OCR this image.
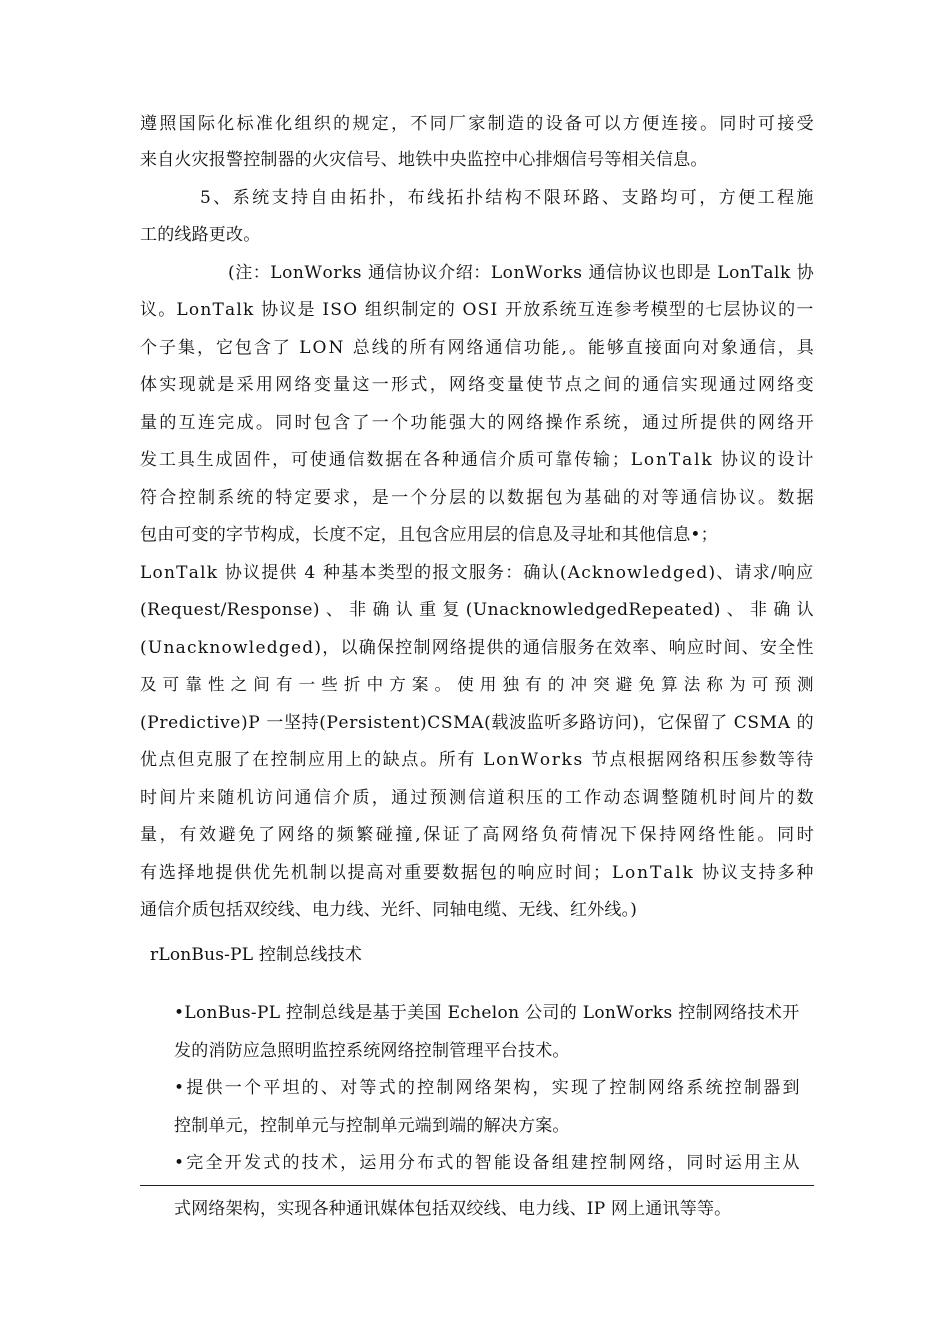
遵 照 国 际 化 标 准 化 组 织 的 规 定 ， 不 同 厂 家 制 造 的 设 备 可 以 方 便 连 接 。 同 时 可 接 受
来自火灾报警控制器的火灾信号、地铁中央监控中心排烟信号等相关信息。
5 、 系 统 支 持 自 由 拓 扑 ， 布 线 拓 扑 结 构 不 限 环 路 、 支 路 均 可 ， 方 便 工 程 施
工的线路更改。
( 注 ： L o n W o r k s
通 信 协 议 介 绍 ： L o n W o r k s
通 信 协 议 也 即 是
L o n T a l k
协
议 。 L o n T a l k
协 议 是
I S O
组 织 制 定 的
O S I
开 放 系 统 互 连 参 考 模 型 的 七 层 协 议 的 一
个 子 集 ， 它 包 含 了
L O N
总 线 的 所 有 网 络 通 信 功 能 , 。 能 够 直 接 面 向 对 象 通 信 ， 具
体 实 现 就 是 采 用 网 络 变 量 这 一 形 式 ， 网 络 变 量 使 节 点 之 间 的 通 信 实 现 通 过 网 络 变
量 的 互 连 完 成 。 同 时 包 含 了 一 个 功 能 强 大 的 网 络 操 作 系 统 ， 通 过 所 提 供 的 网 络 开
发 工 具 生 成 固 件 ， 可 使 通 信 数 据 在 各 种 通 信 介 质 可 靠 传 输 ； L o n T a l k
协 议 的 设 计
符 合 控 制 系 统 的 特 定 要 求 ， 是 一 个 分 层 的 以 数 据 包 为 基 础 的 对 等 通 信 协 议 。 数 据
包由可变的字节构成，长度不定，且包含应用层的信息及寻址和其他信息•；
L o n T a l k
协 议 提 供
4
种 基 本 类 型 的 报 文 服 务 ： 确 认 ( A c k n o w l e d g e d ) 、 请 求 / 响 应
( R e q u e s t / R e s p o n s e )
、
非
确
认
重
复
( U n a c k n o w l e d g e d R e p e a t e d )
、
非
确
认
( U n a c k n o w l e d g e d ) ， 以 确 保 控 制 网 络 提 供 的 通 信 服 务 在 效 率 、 响 应 时 间 、 安 全 性
及
可
靠
性
之
间
有
一
些
折
中
方
案
。
使
用
独
有
的
冲
突
避
免
算
法
称
为
可
预
测
( P r e d i c t i v e ) P
一 坚 持 ( P e r s i s t e n t ) C S M A ( 载 波 监 听 多 路 访 问 ) ， 它 保 留 了
C S M A
的
优 点 但 克 服 了 在 控 制 应 用 上 的 缺 点 。 所 有
L o n W o r k s
节 点 根 据 网 络 积 压 参 数 等 待
时 间 片 来 随 机 访 问 通 信 介 质 ， 通 过 预 测 信 道 积 压 的 工 作 动 态 调 整 随 机 时 间 片 的 数
量 ， 有 效 避 免 了 网 络 的 频 繁 碰 撞 , 保 证 了 高 网 络 负 荷 情 况 下 保 持 网 络 性 能 。 同 时
有 选 择 地 提 供 优 先 机 制 以 提 高 对 重 要 数 据 包 的 响 应 时 间 ； L o n T a l k
协 议 支 持 多 种
通信介质包括双绞线、电力线、光纤、同轴电缆、无线、红外线。)
rLonBus-PL 控制总线技术
• L o n B u s - P L
控 制 总 线 是 基 于 美 国
E c h e l o n
公 司 的
L o n W o r k s
控 制 网 络 技 术 开
发的消防应急照明监控系统网络控制管理平台技术。
• 提 供 一 个 平 坦 的 、 对 等 式 的 控 制 网 络 架 构 ， 实 现 了 控 制 网 络 系 统 控 制 器 到
控制单元，控制单元与控制单元端到端的解决方案。
• 完 全 开 发 式 的 技 术 ， 运 用 分 布 式 的 智 能 设 备 组 建 控 制 网 络 ， 同 时 运 用 主 从
式网络架构，实现各种通讯媒体包括双绞线、电力线、IP 网上通讯等等。
